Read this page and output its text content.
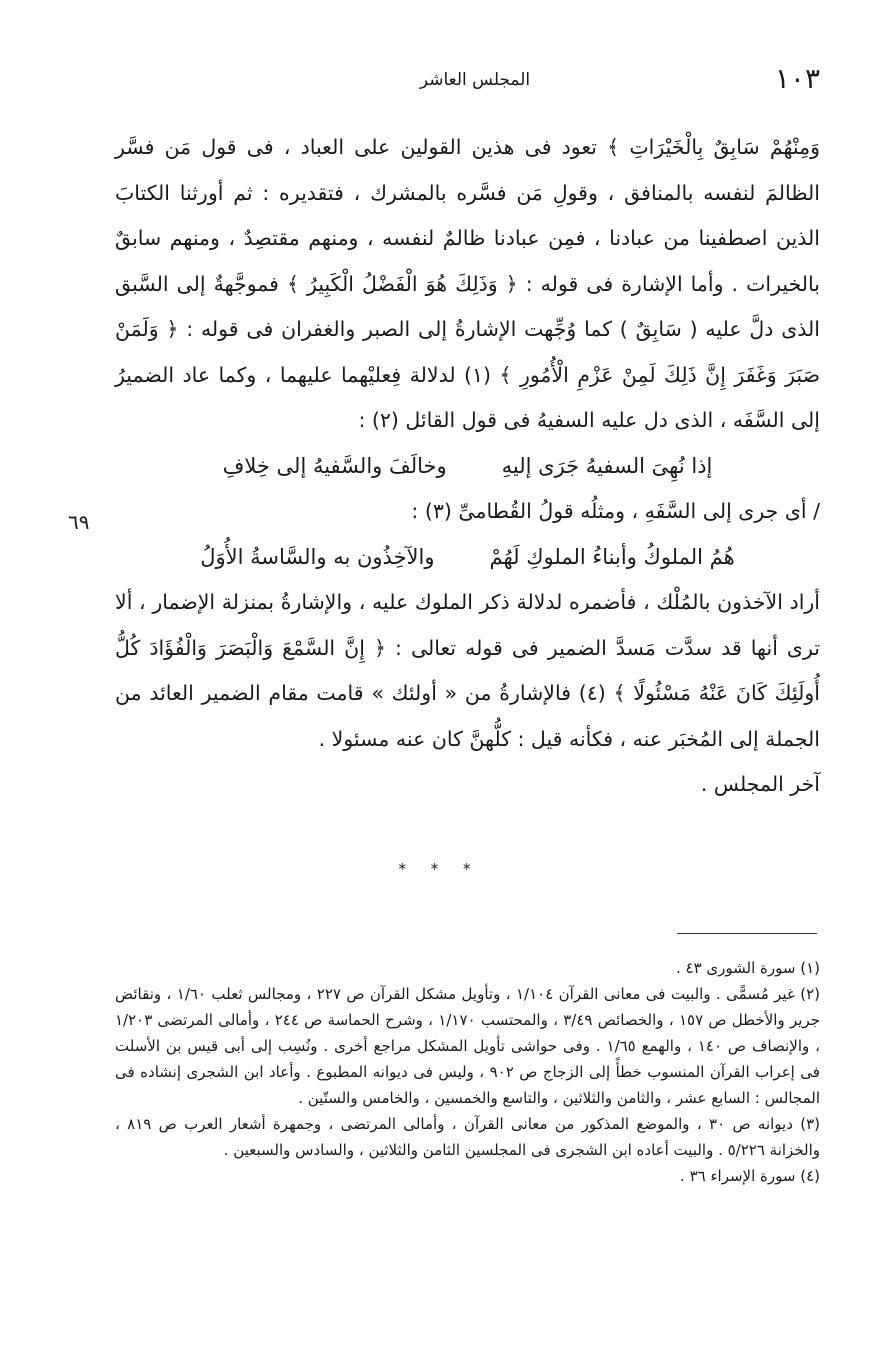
١٠٣
المجلس العاشر
٦٩

وَمِنْهُمْ سَابِقٌ بِالْخَيْرَاتِ ﴾ تعود فى هذين القولين على العباد ، فى قول مَن فسَّر الظالمَ لنفسه بالمنافق ، وقولِ مَن فسَّره بالمشرك ، فتقديره : ثم أورثنا الكتابَ الذين اصطفينا من عبادنا ، فمِن عبادنا ظالمٌ لنفسه ، ومنهم مقتصِدٌ ، ومنهم سابقٌ بالخيرات . وأما الإشارة فى قوله : ﴿ وَذَلِكَ هُوَ الْفَضْلُ الْكَبِيرُ ﴾ فموجَّهةٌ إلى السَّبق الذى دلَّ عليه ( سَابِقٌ ) كما وُجِّهت الإشارةُ إلى الصبر والغفران فى قوله : ﴿ وَلَمَنْ صَبَرَ وَغَفَرَ إِنَّ ذَلِكَ لَمِنْ عَزْمِ الْأُمُورِ ﴾ (١) لدلالة فِعليْهما عليهما ، وكما عاد الضميرُ إلى السَّفَه ، الذى دل عليه السفيهُ فى قول القائل (٢) :

إذا نُهِىَ السفيهُ جَرَى إليهِ

وخالَفَ والسَّفيهُ إلى خِلافِ

/ أى جرى إلى السَّفَهِ ، ومثلُه قولُ القُطامىِّ (٣) :

هُمُ الملوكُ وأبناءُ الملوكِ لَهُمْ

والآخِذُون به والسَّاسةُ الأُوَلُ

أراد الآخذون بالمُلْك ، فأضمره لدلالة ذكر الملوك عليه ، والإشارةُ بمنزلة الإضمار ، ألا ترى أنها قد سدَّت مَسدَّ الضمير فى قوله تعالى : ﴿ إِنَّ السَّمْعَ وَالْبَصَرَ وَالْفُؤَادَ كُلُّ أُولَئِكَ كَانَ عَنْهُ مَسْئُولًا ﴾ (٤) فالإشارةُ من « أولئك » قامت مقام الضمير العائد من الجملة إلى المُخبَر عنه ، فكأنه قيل : كلُّهنَّ كان عنه مسئولا .

آخر المجلس .

* * *

(١) سورة الشورى ٤٣ .

(٢) غير مُسمًّى . والبيت فى معانى القرآن ١/١٠٤ ، وتأويل مشكل القرآن ص ٢٢٧ ، ومجالس ثعلب ١/٦٠ ، ونقائض جرير والأخطل ص ١٥٧ ، والخصائص ٣/٤٩ ، والمحتسب ١/١٧٠ ، وشرح الحماسة ص ٢٤٤ ، وأمالى المرتضى ١/٢٠٣ ، والإنصاف ص ١٤٠ ، والهمع ١/٦٥ . وفى حواشى تأويل المشكل مراجع أخرى . ونُسِب إلى أبى قيس بن الأسلت فى إعراب القرآن المنسوب خطأً إلى الزجاج ص ٩٠٢ ، وليس فى ديوانه المطبوع . وأعاد ابن الشجرى إنشاده فى المجالس : السابع عشر ، والثامن والثلاثين ، والتاسع والخمسين ، والخامس والستّين .

(٣) ديوانه ص ٣٠ ، والموضع المذكور من معانى القرآن ، وأمالى المرتضى ، وجمهرة أشعار العرب ص ٨١٩ ، والخزانة ٥/٢٢٦ . والبيت أعاده ابن الشجرى فى المجلسين الثامن والثلاثين ، والسادس والسبعين .

(٤) سورة الإسراء ٣٦ .
